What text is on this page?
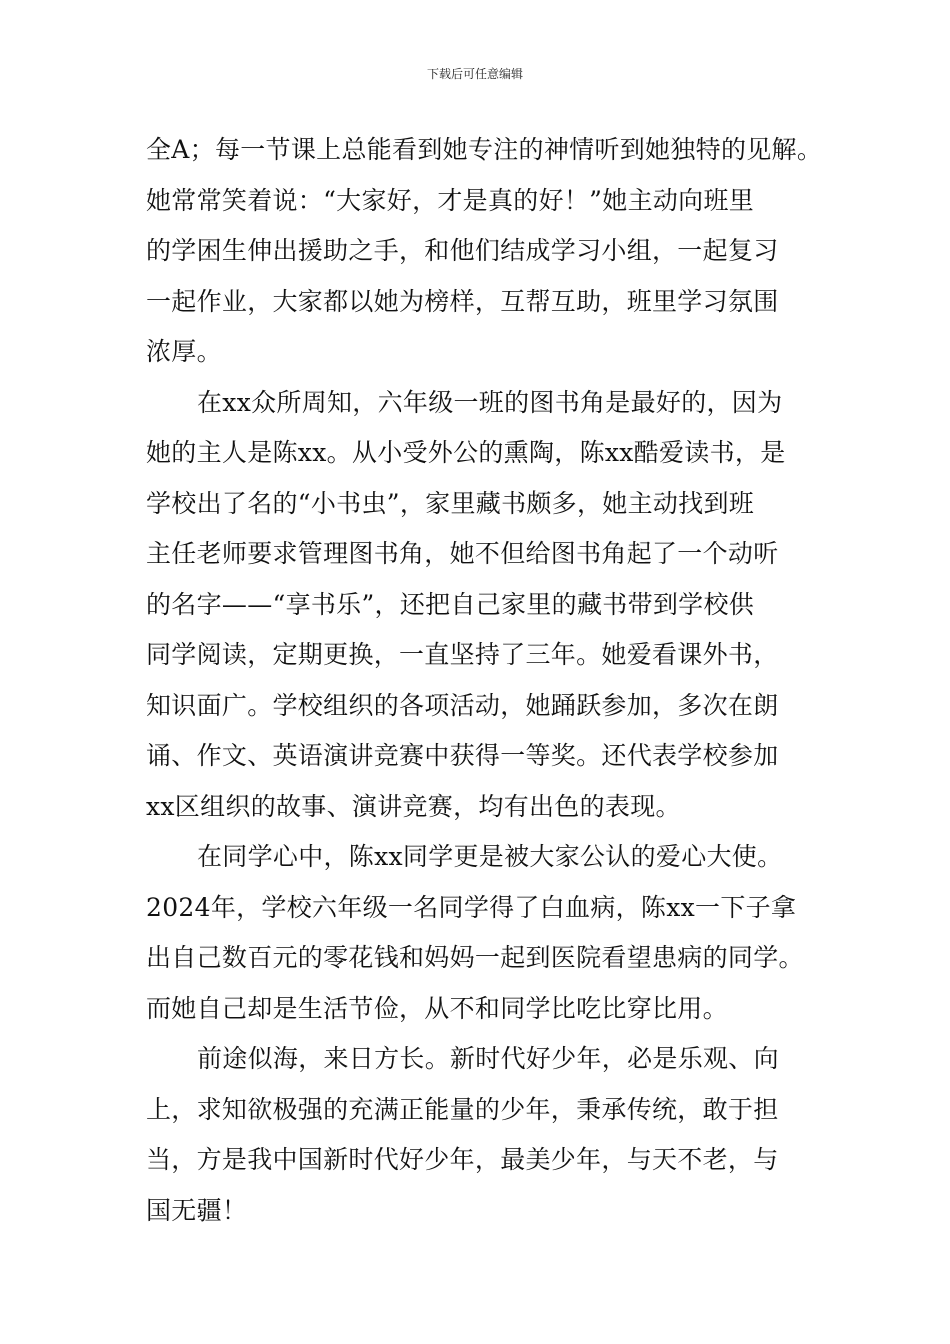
下载后可任意编辑
全A；每一节课上总能看到她专注的神情听到她独特的见解。
她常常笑着说：“大家好，才是真的好！”她主动向班里
的学困生伸出援助之手，和他们结成学习小组，一起复习
一起作业，大家都以她为榜样，互帮互助，班里学习氛围
浓厚。
在xx众所周知，六年级一班的图书角是最好的，因为
她的主人是陈xx。从小受外公的熏陶，陈xx酷爱读书，是
学校出了名的“小书虫”，家里藏书颇多，她主动找到班
主任老师要求管理图书角，她不但给图书角起了一个动听
的名字——“享书乐”，还把自己家里的藏书带到学校供
同学阅读，定期更换，一直坚持了三年。她爱看课外书，
知识面广。学校组织的各项活动，她踊跃参加，多次在朗
诵、作文、英语演讲竞赛中获得一等奖。还代表学校参加
xx区组织的故事、演讲竞赛，均有出色的表现。
在同学心中，陈xx同学更是被大家公认的爱心大使。
2024年，学校六年级一名同学得了白血病，陈xx一下子拿
出自己数百元的零花钱和妈妈一起到医院看望患病的同学。
而她自己却是生活节俭，从不和同学比吃比穿比用。
前途似海，来日方长。新时代好少年，必是乐观、向
上，求知欲极强的充满正能量的少年，秉承传统，敢于担
当，方是我中国新时代好少年，最美少年，与天不老，与
国无疆！
